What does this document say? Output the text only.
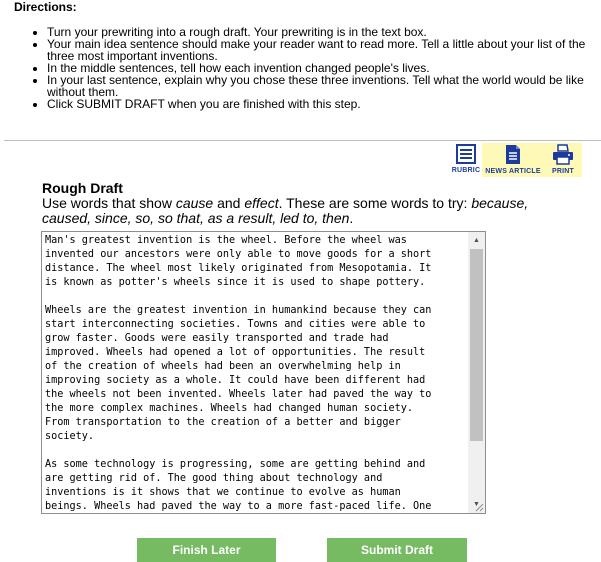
Directions:

• Turn your prewriting into a rough draft. Your prewriting is in the text box.
• Your main idea sentence should make your reader want to read more. Tell a little about your list of the three most important inventions.
• In the middle sentences, tell how each invention changed people's lives.
• In your last sentence, explain why you chose these three inventions. Tell what the world would be like without them.
• Click SUBMIT DRAFT when you are finished with this step.
RUBRIC NEWS ARTICLE PRINT
Rough Draft
Use words that show cause and effect. These are some words to try: because, caused, since, so, so that, as a result, led to, then.
Man's greatest invention is the wheel. Before the wheel was invented our ancestors were only able to move goods for a short distance. The wheel most likely originated from Mesopotamia. It is known as potter's wheels since it is used to shape pottery. Wheels are the greatest invention in humankind because they can start interconnecting societies. Towns and cities were able to grow faster. Goods were easily transported and trade had improved. Wheels had opened a lot of opportunities. The result of the creation of wheels had been an overwhelming help in improving society as a whole. It could have been different had the wheels not been invented. Wheels later had paved the way to the more complex machines. Wheels had changed human society. From transportation to the creation of a better and bigger society. As some technology is progressing, some are getting behind and are getting rid of. The good thing about technology and inventions is it shows that we continue to evolve as human beings. Wheels had paved the way to a more fast-paced life. One
▲
▼
Finish Later	Submit Draft
